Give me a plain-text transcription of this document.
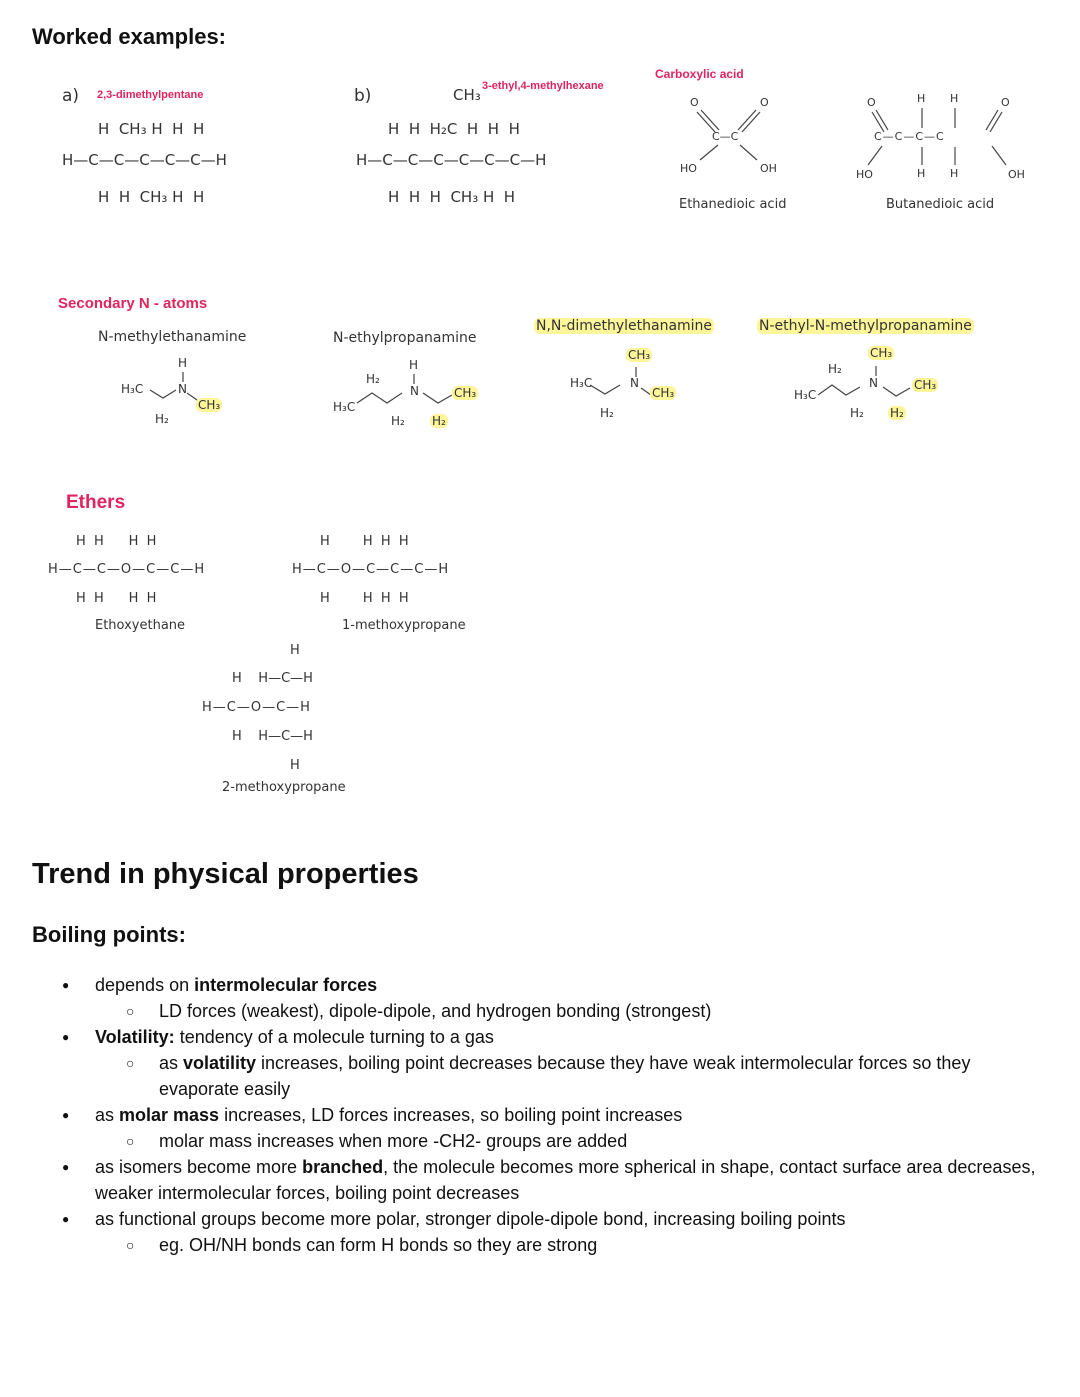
Worked examples:
a) 2,3-dimethylpentane
H  CH₃ H  H  H
H—C—C—C—C—C—H
H  H  CH₃ H  H
b)	3-ethyl,4-methylhexane
CH₃
H  H  H₂C  H  H  H
H—C—C—C—C—C—C—H
H  H  H  CH₃ H  H
Carboxylic acid
O	O
C—C
HO	OH
Ethanedioic acid
O	O
H H
C—C—C—C
H H
HO	OH
Butanedioic acid
Secondary N - atoms
N-methylethanamine
H
H₃C	N
CH₃
H₂
N-ethylpropanamine
H
H₂
H₃C
N	CH₃
H₂ H₂
N,N-dimethylethanamine
CH₃
H₃C	N
CH₃
H₂
N-ethyl-N-methylpropanamine
CH₃
H₂
H₃C
N	CH₃
H₂ H₂
Ethers
H  H      H  H
H—C—C—O—C—C—H
H  H      H  H
Ethoxyethane
H        H  H  H
H—C—O—C—C—C—H
H        H  H  H
1-methoxypropane
H
H    H—C—H
H—C—O—C—H
H    H—C—H
H
2-methoxypropane
Trend in physical properties
Boiling points:
● depends on intermolecular forces
○ LD forces (weakest), dipole-dipole, and hydrogen bonding (strongest)
● Volatility: tendency of a molecule turning to a gas
○ as volatility increases, boiling point decreases because they have weak intermolecular forces so they evaporate easily
● as molar mass increases, LD forces increases, so boiling point increases
○ molar mass increases when more -CH2- groups are added
● as isomers become more branched, the molecule becomes more spherical in shape, contact surface area decreases, weaker intermolecular forces, boiling point decreases
● as functional groups become more polar, stronger dipole-dipole bond, increasing boiling points
○ eg. OH/NH bonds can form H bonds so they are strong
